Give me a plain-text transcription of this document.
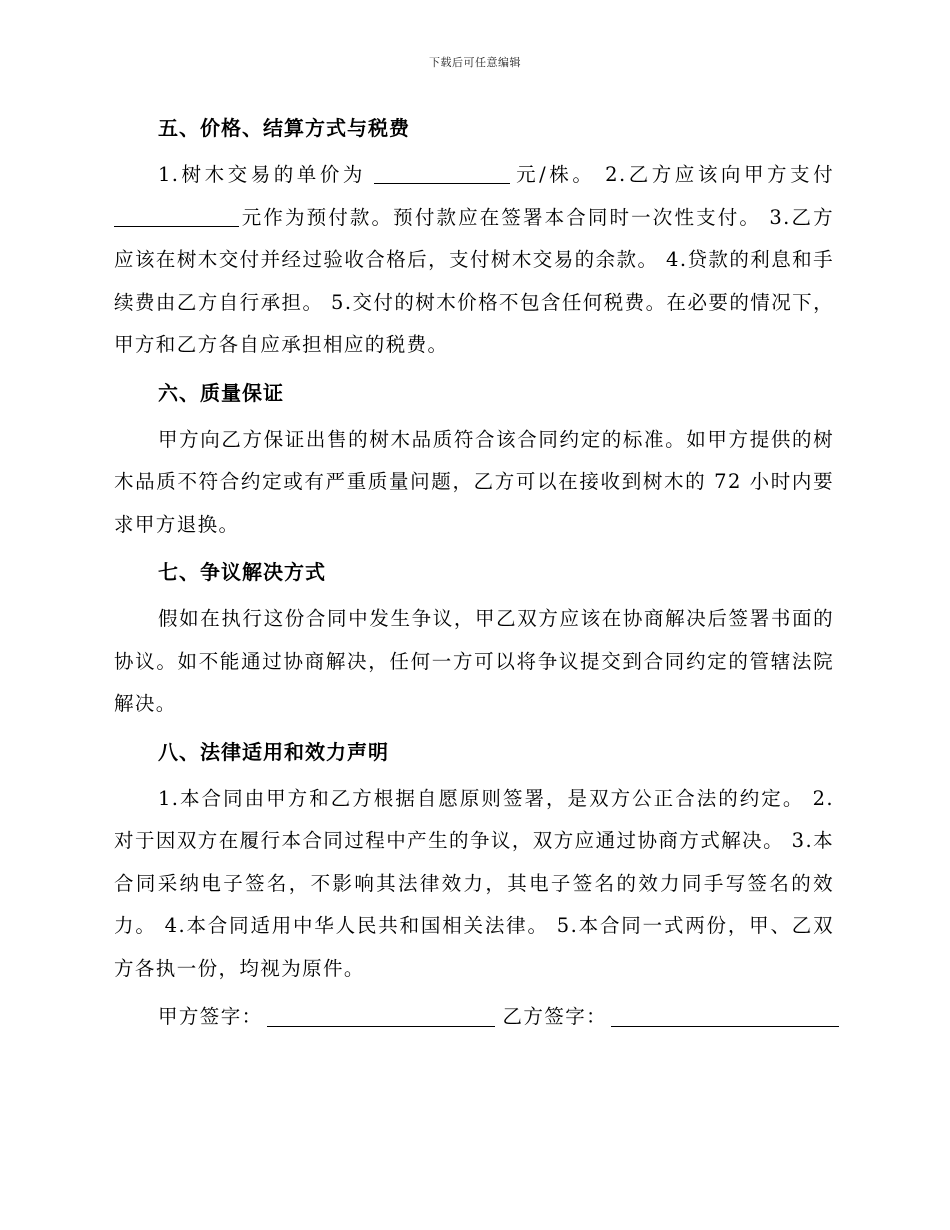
下载后可任意编辑
五、价格、结算方式与税费

1.树木交易的单价为	元/株。 2.乙方应该向甲方支付元作为预付款。预付款应在签署本合同时一次性支付。 3.乙方应该在树木交付并经过验收合格后，支付树木交易的余款。 4.贷款的利息和手续费由乙方自行承担。 5.交付的树木价格不包含任何税费。在必要的情况下，甲方和乙方各自应承担相应的税费。

六、质量保证

甲方向乙方保证出售的树木品质符合该合同约定的标准。如甲方提供的树木品质不符合约定或有严重质量问题，乙方可以在接收到树木的 72 小时内要求甲方退换。

七、争议解决方式

假如在执行这份合同中发生争议，甲乙双方应该在协商解决后签署书面的协议。如不能通过协商解决，任何一方可以将争议提交到合同约定的管辖法院解决。

八、法律适用和效力声明

1.本合同由甲方和乙方根据自愿原则签署，是双方公正合法的约定。 2.对于因双方在履行本合同过程中产生的争议，双方应通过协商方式解决。 3.本合同采纳电子签名，不影响其法律效力，其电子签名的效力同手写签名的效力。 4.本合同适用中华人民共和国相关法律。 5.本合同一式两份，甲、乙双方各执一份，均视为原件。

甲方签字：	乙方签字：
